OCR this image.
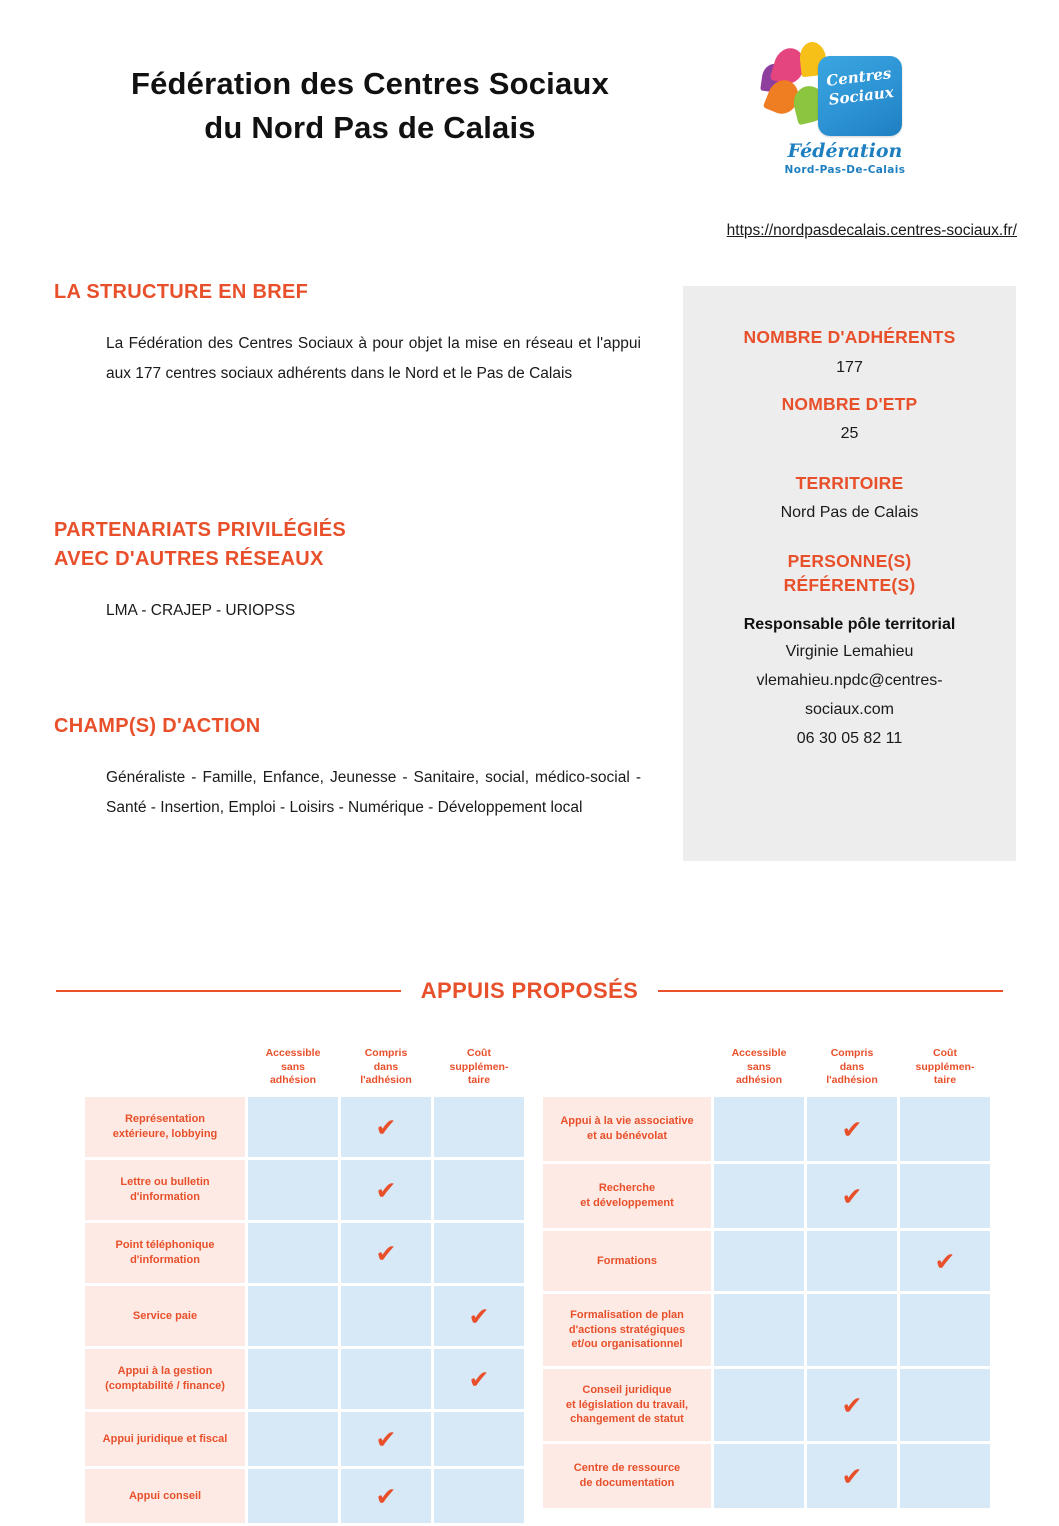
Fédération des Centres Sociaux
du Nord Pas de Calais
Centres Sociaux
Fédération
Nord-Pas-De-Calais
https://nordpasdecalais.centres-sociaux.fr/
LA STRUCTURE EN BREF
La Fédération des Centres Sociaux à pour objet la mise en réseau et l'appui aux 177 centres sociaux adhérents dans le Nord et le Pas de Calais
PARTENARIATS PRIVILÉGIÉS
AVEC D'AUTRES RÉSEAUX
LMA - CRAJEP - URIOPSS
CHAMP(S) D'ACTION
Généraliste - Famille, Enfance, Jeunesse - Sanitaire, social, médico-social - Santé - Insertion, Emploi - Loisirs - Numérique - Développement local
NOMBRE D'ADHÉRENTS
177
NOMBRE D'ETP
25
TERRITOIRE
Nord Pas de Calais
PERSONNE(S)
RÉFÉRENTE(S)
Responsable pôle territorial
Virginie Lemahieu
vlemahieu.npdc@centres-
sociaux.com
06 30 05 82 11
APPUIS PROPOSÉS

Accessible
sans
adhésion

Compris
dans
l'adhésion

Coût
supplémen-
taire

Représentation
extérieure, lobbying		✔	

Lettre ou bulletin
d'information		✔	

Point téléphonique
d'information		✔	

Service paie			✔

Appui à la gestion
(comptabilité / finance)			✔

Appui juridique et fiscal		✔	

Appui conseil		✔	

Accessible
sans
adhésion

Compris
dans
l'adhésion

Coût
supplémen-
taire

Appui à la vie associative
et au bénévolat		✔	

Recherche
et développement		✔	

Formations			✔

Formalisation de plan
d'actions stratégiques
et/ou organisationnel			

Conseil juridique
et législation du travail,
changement de statut		✔	

Centre de ressource
de documentation		✔	
